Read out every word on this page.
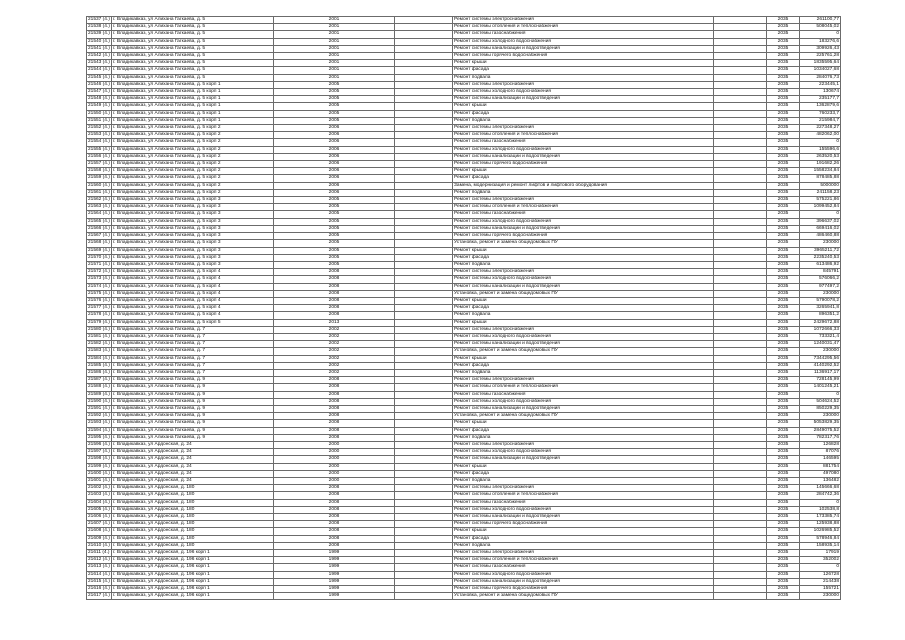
21537 (4.)	г. Владикавказ, ул Алихана Гагкаева, д. 5	2001		Ремонт системы электроснабжения		2035	261100,77
21538 (4.)	г. Владикавказ, ул Алихана Гагкаева, д. 5	2001		Ремонт системы отопления и теплоснабжения		2035	508045,02
21539 (4.)	г. Владикавказ, ул Алихана Гагкаева, д. 5	2001		Ремонт системы газоснабжения		2035	0
21540 (4.)	г. Владикавказ, ул Алихана Гагкаева, д. 5	2001		Ремонт системы холодного водоснабжения		2035	183276,6
21541 (4.)	г. Владикавказ, ул Алихана Гагкаева, д. 5	2001		Ремонт системы канализации и водоотведения		2035	309926,43
21542 (4.)	г. Владикавказ, ул Алихана Гагкаева, д. 5	2001		Ремонт системы горячего водоснабжения		2035	225761,28
21543 (4.)	г. Владикавказ, ул Алихана Гагкаева, д. 5	2001		Ремонт крыши		2035	1835595,64
21544 (4.)	г. Владикавказ, ул Алихана Гагкаева, д. 5	2001		Ремонт фасада		2035	1034027,68
21545 (4.)	г. Владикавказ, ул Алихана Гагкаева, д. 5	2001		Ремонт подвала		2035	284076,73
21546 (4.)	г. Владикавказ, ул Алихана Гагкаева, д. 5 корп 1	2005		Ремонт системы электроснабжения		2035	223445,1
21547 (4.)	г. Владикавказ, ул Алихана Гагкаева, д. 5 корп 1	2005		Ремонт системы холодного водоснабжения		2035	130674
21548 (4.)	г. Владикавказ, ул Алихана Гагкаева, д. 5 корп 1	2005		Ремонт системы канализации и водоотведения		2035	235177,7
21549 (4.)	г. Владикавказ, ул Алихана Гагкаева, д. 5 корп 1	2005		Ремонт крыши		2035	1362879,6
21550 (4.)	г. Владикавказ, ул Алихана Гагкаева, д. 5 корп 1	2005		Ремонт фасада		2035	760233,7
21551 (4.)	г. Владикавказ, ул Алихана Гагкаева, д. 5 корп 1	2005		Ремонт подвала		2035	215984,7
21552 (4.)	г. Владикавказ, ул Алихана Гагкаева, д. 5 корп 2	2006		Ремонт системы электроснабжения		2035	227348,27
21553 (4.)	г. Владикавказ, ул Алихана Гагкаева, д. 5 корп 2	2006		Ремонт системы отопления и теплоснабжения		2035	482062,00
21554 (4.)	г. Владикавказ, ул Алихана Гагкаева, д. 5 корп 2	2006		Ремонт системы газоснабжения		2035	0
21555 (4.)	г. Владикавказ, ул Алихана Гагкаева, д. 5 корп 2	2006		Ремонт системы холодного водоснабжения		2035	155596,6
21556 (4.)	г. Владикавказ, ул Алихана Гагкаева, д. 5 корп 2	2006		Ремонт системы канализации и водоотведения		2035	263520,53
21557 (4.)	г. Владикавказ, ул Алихана Гагкаева, д. 5 корп 2	2006		Ремонт системы горячего водоснабжения		2035	191682,26
21558 (4.)	г. Владикавказ, ул Алихана Гагкаева, д. 5 корп 2	2006		Ремонт крыши		2035	1558234,84
21559 (4.)	г. Владикавказ, ул Алихана Гагкаева, д. 5 корп 2	2006		Ремонт фасада		2035	878485,88
21560 (4.)	г. Владикавказ, ул Алихана Гагкаева, д. 5 корп 2	2006		Замена, модернизация и ремонт лифтов и лифтового оборудования		2035	5000000
21561 (4.)	г. Владикавказ, ул Алихана Гагкаева, д. 5 корп 2	2006		Ремонт подвала		2035	241158,23
21562 (4.)	г. Владикавказ, ул Алихана Гагкаева, д. 5 корп 3	2005		Ремонт системы электроснабжения		2035	575221,86
21563 (4.)	г. Владикавказ, ул Алихана Гагкаева, д. 5 корп 3	2005		Ремонт системы отопления и теплоснабжения		2035	1099452,84
21564 (4.)	г. Владикавказ, ул Алихана Гагкаева, д. 5 корп 3	2005		Ремонт системы газоснабжения		2035	0
21565 (4.)	г. Владикавказ, ул Алихана Гагкаева, д. 5 корп 3	2005		Ремонт системы холодного водоснабжения		2035	396637,02
21566 (4.)	г. Владикавказ, ул Алихана Гагкаева, д. 5 корп 3	2005		Ремонт системы канализации и водоотведения		2035	669416,02
21567 (4.)	г. Владикавказ, ул Алихана Гагкаева, д. 5 корп 3	2005		Ремонт системы горячего водоснабжения		2035	486460,88
21568 (4.)	г. Владикавказ, ул Алихана Гагкаева, д. 5 корп 3	2005		Установка, ремонт и замена общедомовых ПУ		2035	230000
21569 (4.)	г. Владикавказ, ул Алихана Гагкаева, д. 5 корп 3	2005		Ремонт крыши		2035	3965211,72
21570 (4.)	г. Владикавказ, ул Алихана Гагкаева, д. 5 корп 3	2005		Ремонт фасада		2035	2235240,53
21571 (4.)	г. Владикавказ, ул Алихана Гагкаева, д. 5 корп 3	2005		Ремонт подвала		2035	613486,92
21572 (4.)	г. Владикавказ, ул Алихана Гагкаева, д. 5 корп 4	2008		Ремонт системы электроснабжения		2035	845791
21573 (4.)	г. Владикавказ, ул Алихана Гагкаева, д. 5 корп 4	2008		Ремонт системы холодного водоснабжения		2035	576066,2
21574 (4.)	г. Владикавказ, ул Алихана Гагкаева, д. 5 корп 4	2008		Ремонт системы канализации и водоотведения		2035	977497,2
21575 (4.)	г. Владикавказ, ул Алихана Гагкаева, д. 5 корп 4	2008		Установка, ремонт и замена общедомовых ПУ		2035	230000
21576 (4.)	г. Владикавказ, ул Алихана Гагкаева, д. 5 корп 4	2008		Ремонт крыши		2035	5790078,2
21577 (4.)	г. Владикавказ, ул Алихана Гагкаева, д. 5 корп 4	2008		Ремонт фасада		2035	3265941,8
21578 (4.)	г. Владикавказ, ул Алихана Гагкаева, д. 5 корп 4	2008		Ремонт подвала		2035	896351,2
21579 (4.)	г. Владикавказ, ул Алихана Гагкаева, д. 5 корп 5	2013		Ремонт крыши		2035	2429672,88
21580 (4.)	г. Владикавказ, ул Алихана Гагкаева, д. 7	2002		Ремонт системы электроснабжения		2035	1072666,33
21581 (4.)	г. Владикавказ, ул Алихана Гагкаева, д. 7	2002		Ремонт системы холодного водоснабжения		2035	733321,4
21582 (4.)	г. Владикавказ, ул Алихана Гагкаева, д. 7	2002		Ремонт системы канализации и водоотведения		2035	1240031,47
21583 (4.)	г. Владикавказ, ул Алихана Гагкаева, д. 7	2002		Установка, ремонт и замена общедомовых ПУ		2035	230000
21584 (4.)	г. Владикавказ, ул Алихана Гагкаева, д. 7	2002		Ремонт крыши		2035	7344295,56
21585 (4.)	г. Владикавказ, ул Алихана Гагкаева, д. 7	2002		Ремонт фасада		2035	4140292,52
21586 (4.)	г. Владикавказ, ул Алихана Гагкаева, д. 7	2002		Ремонт подвала		2035	1136917,17
21587 (4.)	г. Владикавказ, ул Алихана Гагкаева, д. 9	2008		Ремонт системы электроснабжения		2035	728145,99
21588 (4.)	г. Владикавказ, ул Алихана Гагкаева, д. 9	2008		Ремонт системы отопления и теплоснабжения		2035	1401245,21
21589 (4.)	г. Владикавказ, ул Алихана Гагкаева, д. 9	2008		Ремонт системы газоснабжения		2035	0
21590 (4.)	г. Владикавказ, ул Алихана Гагкаева, д. 9	2008		Ремонт системы холодного водоснабжения		2035	504624,52
21591 (4.)	г. Владикавказ, ул Алихана Гагкаева, д. 9	2008		Ремонт системы канализации и водоотведения		2035	850229,35
21592 (4.)	г. Владикавказ, ул Алихана Гагкаева, д. 9	2008		Установка, ремонт и замена общедомовых ПУ		2035	230000
21593 (4.)	г. Владикавказ, ул Алихана Гагкаева, д. 9	2008		Ремонт крыши		2035	5053829,35
21594 (4.)	г. Владикавказ, ул Алихана Гагкаева, д. 9	2008		Ремонт фасада		2035	2849075,52
21595 (4.)	г. Владикавказ, ул Алихана Гагкаева, д. 9	2008		Ремонт подвала		2035	782317,76
21596 (4.)	г. Владикавказ, ул Ардонская, д. 24	2000		Ремонт системы электроснабжения		2035	126828
21597 (4.)	г. Владикавказ, ул Ардонская, д. 24	2000		Ремонт системы холодного водоснабжения		2035	87076
21598 (4.)	г. Владикавказ, ул Ардонская, д. 24	2000		Ремонт системы канализации и водоотведения		2035	146595
21599 (4.)	г. Владикавказ, ул Ардонская, д. 24	2000		Ремонт крыши		2035	881754
21600 (4.)	г. Владикавказ, ул Ардонская, д. 24	2000		Ремонт фасада		2035	497080
21601 (4.)	г. Владикавказ, ул Ардонская, д. 24	2000		Ремонт подвала		2035	136482
21602 (4.)	г. Владикавказ, ул Ардонская, д. 180	2008		Ремонт системы электроснабжения		2035	145666,68
21603 (4.)	г. Владикавказ, ул Ардонская, д. 180	2008		Ремонт системы отопления и теплоснабжения		2035	284742,36
21604 (4.)	г. Владикавказ, ул Ардонская, д. 180	2008		Ремонт системы газоснабжения		2035	0
21605 (4.)	г. Владикавказ, ул Ардонская, д. 180	2008		Ремонт системы холодного водоснабжения		2035	102538,8
21606 (4.)	г. Владикавказ, ул Ардонская, д. 180	2008		Ремонт системы канализации и водоотведения		2035	173385,74
21607 (4.)	г. Владикавказ, ул Ардонская, д. 180	2008		Ремонт системы горячего водоснабжения		2035	125938,88
21608 (4.)	г. Владикавказ, ул Ардонская, д. 180	2008		Ремонт крыши		2035	1026985,52
21609 (4.)	г. Владикавказ, ул Ардонская, д. 180	2008		Ремонт фасада		2035	578946,84
21610 (4.)	г. Владикавказ, ул Ардонская, д. 180	2008		Ремонт подвала		2035	158935,14
21611 (4.)	г. Владикавказ, ул Ардонская, д. 196 корп 1	1999		Ремонт системы электроснабжения		2035	17919
21612 (4.)	г. Владикавказ, ул Ардонская, д. 196 корп 1	1999		Ремонт системы отопления и теплоснабжения		2035	352002
21613 (4.)	г. Владикавказ, ул Ардонская, д. 196 корп 1	1999		Ремонт системы газоснабжения		2035	0
21614 (4.)	г. Владикавказ, ул Ардонская, д. 196 корп 1	1999		Ремонт системы холодного водоснабжения		2035	126728
21615 (4.)	г. Владикавказ, ул Ардонская, д. 196 корп 1	1999		Ремонт системы канализации и водоотведения		2035	214438
21616 (4.)	г. Владикавказ, ул Ардонская, д. 196 корп 1	1999		Ремонт системы горячего водоснабжения		2035	155721
21617 (4.)	г. Владикавказ, ул Ардонская, д. 196 корп 1	1999		Установка, ремонт и замена общедомовых ПУ		2035	230000
